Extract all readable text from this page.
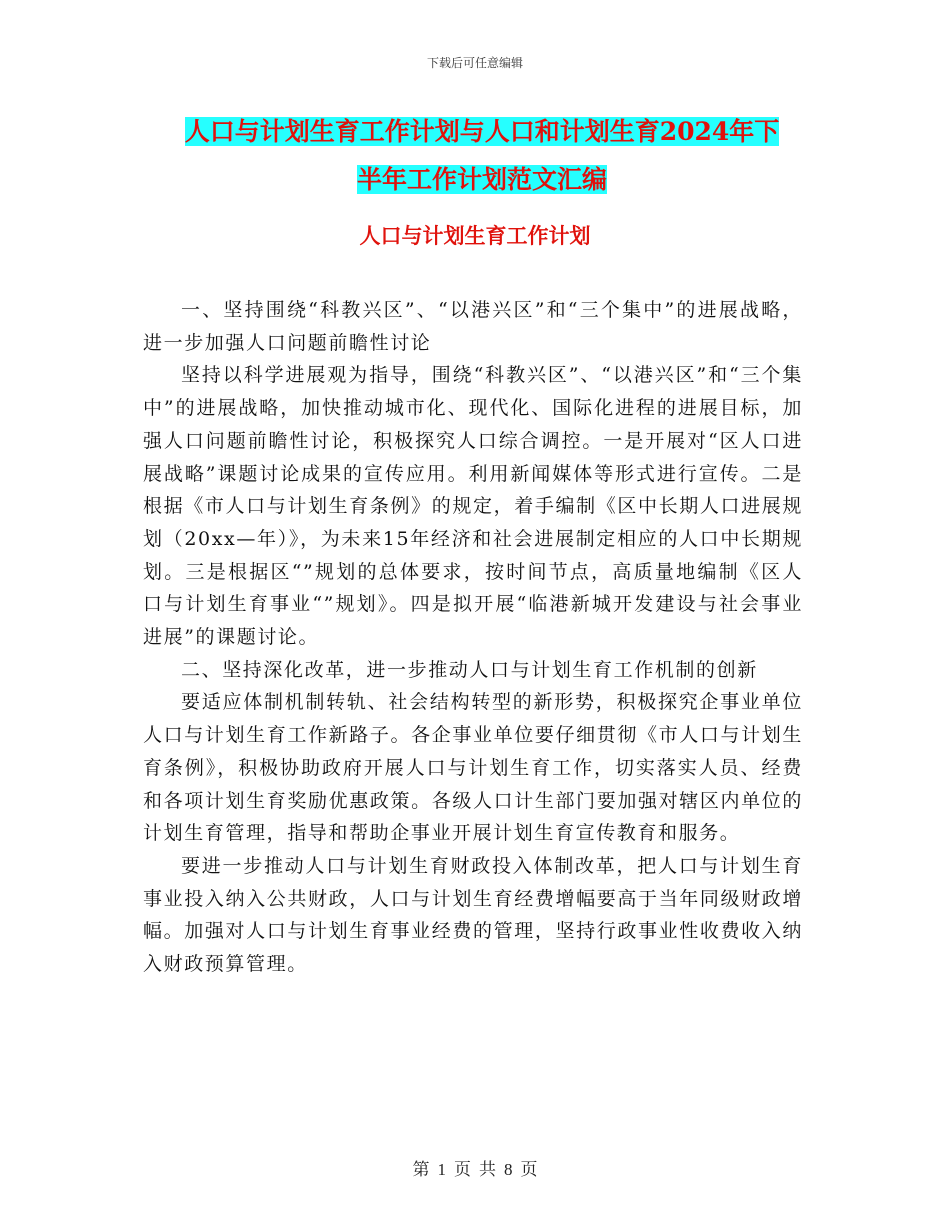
下载后可任意编辑
人口与计划生育工作计划与人口和计划生育2024年下
半年工作计划范文汇编
人口与计划生育工作计划

一、坚持围绕“科教兴区”、“以港兴区”和“三个集中”的进展战略，进一步加强人口问题前瞻性讨论

坚持以科学进展观为指导，围绕“科教兴区”、“以港兴区”和“三个集中”的进展战略，加快推动城市化、现代化、国际化进程的进展目标，加强人口问题前瞻性讨论，积极探究人口综合调控。一是开展对“区人口进展战略”课题讨论成果的宣传应用。利用新闻媒体等形式进行宣传。二是根据《市人口与计划生育条例》的规定，着手编制《区中长期人口进展规划（20xx—年）》，为未来15年经济和社会进展制定相应的人口中长期规划。三是根据区“”规划的总体要求，按时间节点，高质量地编制《区人口与计划生育事业“”规划》。四是拟开展“临港新城开发建设与社会事业进展”的课题讨论。

二、坚持深化改革，进一步推动人口与计划生育工作机制的创新

要适应体制机制转轨、社会结构转型的新形势，积极探究企事业单位人口与计划生育工作新路子。各企事业单位要仔细贯彻《市人口与计划生育条例》，积极协助政府开展人口与计划生育工作，切实落实人员、经费和各项计划生育奖励优惠政策。各级人口计生部门要加强对辖区内单位的计划生育管理，指导和帮助企事业开展计划生育宣传教育和服务。

要进一步推动人口与计划生育财政投入体制改革，把人口与计划生育事业投入纳入公共财政，人口与计划生育经费增幅要高于当年同级财政增幅。加强对人口与计划生育事业经费的管理，坚持行政事业性收费收入纳入财政预算管理。

第 1 页 共 8 页
